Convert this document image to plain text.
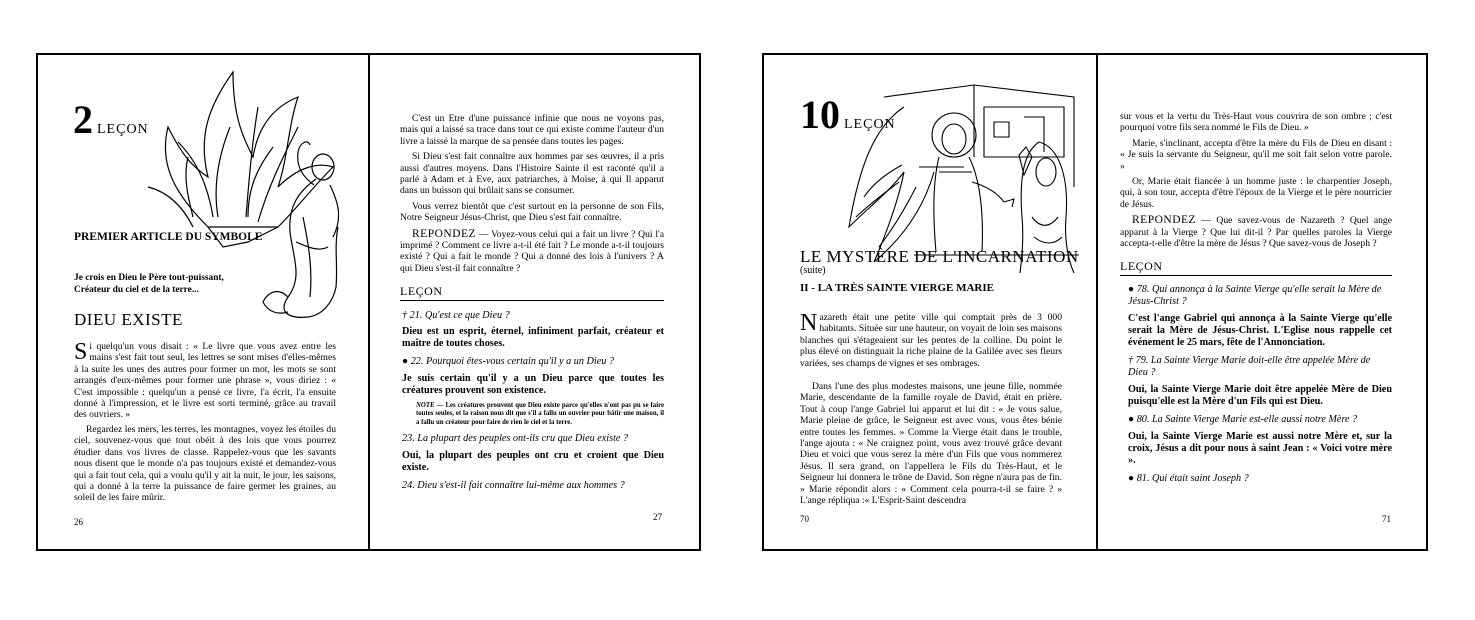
2 LEÇON
PREMIER ARTICLE DU SYMBOLE
Je crois en Dieu le Père tout-puissant,
Créateur du ciel et de la terre...
DIEU EXISTE

Si quelqu'un vous disait : « Le livre que vous avez entre les mains s'est fait tout seul, les lettres se sont mises d'elles-mêmes à la suite les unes des autres pour former un mot, les mots se sont arrangés d'eux-mêmes pour former une phrase », vous diriez : « C'est impossible : quelqu'un a pensé ce livre, l'a écrit, l'a ensuite donné à l'impression, et le livre est sorti terminé, grâce au travail des ouvriers. »

Regardez les mers, les terres, les montagnes, voyez les étoiles du ciel, souvenez-vous que tout obéit à des lois que vous pourrez étudier dans vos livres de classe. Rappelez-vous que les savants nous disent que le monde n'a pas toujours existé et demandez-vous qui a fait tout cela, qui a voulu qu'il y ait la nuit, le jour, les saisons, qui a donné à la terre la puissance de faire germer les graines, au soleil de les faire mûrir.

26

C'est un Etre d'une puissance infinie que nous ne voyons pas, mais qui a laissé sa trace dans tout ce qui existe comme l'auteur d'un livre a laissé la marque de sa pensée dans toutes les pages.

Si Dieu s'est fait connaître aux hommes par ses œuvres, il a pris aussi d'autres moyens. Dans l'Histoire Sainte il est raconté qu'il a parlé à Adam et à Eve, aux patriarches, à Moïse, à qui Il apparut dans un buisson qui brûlait sans se consumer.

Vous verrez bientôt que c'est surtout en la personne de son Fils, Notre Seigneur Jésus-Christ, que Dieu s'est fait connaître.

REPONDEZ — Voyez-vous celui qui a fait un livre ? Qui l'a imprimé ? Comment ce livre a-t-il été fait ? Le monde a-t-il toujours existé ? Qui a fait le monde ? Qui a donné des lois à l'univers ? A qui Dieu s'est-il fait connaître ?

LEÇON

† 21. Qu'est ce que Dieu ?

Dieu est un esprit, éternel, infiniment parfait, créateur et maître de toutes choses.

● 22. Pourquoi êtes-vous certain qu'il y a un Dieu ?

Je suis certain qu'il y a un Dieu parce que toutes les créatures prouvent son existence.

NOTE — Les créatures prouvent que Dieu existe parce qu'elles n'ont pas pu se faire toutes seules, et la raison nous dit que s'il a fallu un ouvrier pour bâtir une maison, il a fallu un créateur pour faire de rien le ciel et la terre.

23. La plupart des peuples ont-ils cru que Dieu existe ?

Oui, la plupart des peuples ont cru et croient que Dieu existe.

24. Dieu s'est-il fait connaître lui-même aux hommes ?

27
10 LEÇON
LE MYSTÈRE DE L'INCARNATION
(suite)
II - LA TRÈS SAINTE VIERGE MARIE

Nazareth était une petite ville qui comptait près de 3 000 habitants. Située sur une hauteur, on voyait de loin ses maisons blanches qui s'étageaient sur les pentes de la colline. Du point le plus élevé on distinguait la riche plaine de la Galilée avec ses fleurs variées, ses champs de vignes et ses ombrages.

Dans l'une des plus modestes maisons, une jeune fille, nommée Marie, descendante de la famille royale de David, était en prière. Tout à coup l'ange Gabriel lui apparut et lui dit : « Je vous salue, Marie pleine de grâce, le Seigneur est avec vous, vous êtes bénie entre toutes les femmes. » Comme la Vierge était dans le trouble, l'ange ajouta : « Ne craignez point, vous avez trouvé grâce devant Dieu et voici que vous serez la mère d'un Fils que vous nommerez Jésus. Il sera grand, on l'appellera le Fils du Très-Haut, et le Seigneur lui donnera le trône de David. Son règne n'aura pas de fin. » Marie répondit alors : « Comment cela pourra-t-il se faire ? » L'ange répliqua :« L'Esprit-Saint descendra

70

sur vous et la vertu du Très-Haut vous couvrira de son ombre ; c'est pourquoi votre fils sera nommé le Fils de Dieu. »

Marie, s'inclinant, accepta d'être la mère du Fils de Dieu en disant : « Je suis la servante du Seigneur, qu'il me soit fait selon votre parole. »

Or, Marie était fiancée à un homme juste : le charpentier Joseph, qui, à son tour, accepta d'être l'époux de la Vierge et le père nourricier de Jésus.

REPONDEZ — Que savez-vous de Nazareth ? Quel ange apparut à la Vierge ? Que lui dit-il ? Par quelles paroles la Vierge accepta-t-elle d'être la mère de Jésus ? Que savez-vous de Joseph ?

LEÇON

● 78. Qui annonça à la Sainte Vierge qu'elle serait la Mère de Jésus-Christ ?

C'est l'ange Gabriel qui annonça à la Sainte Vierge qu'elle serait la Mère de Jésus-Christ. L'Eglise nous rappelle cet événement le 25 mars, fête de l'Annonciation.

† 79. La Sainte Vierge Marie doit-elle être appelée Mère de Dieu ?

Oui, la Sainte Vierge Marie doit être appelée Mère de Dieu puisqu'elle est la Mère d'un Fils qui est Dieu.

● 80. La Sainte Vierge Marie est-elle aussi notre Mère ?

Oui, la Sainte Vierge Marie est aussi notre Mère et, sur la croix, Jésus a dit pour nous à saint Jean : « Voici votre mère ».

● 81. Qui était saint Joseph ?

71
